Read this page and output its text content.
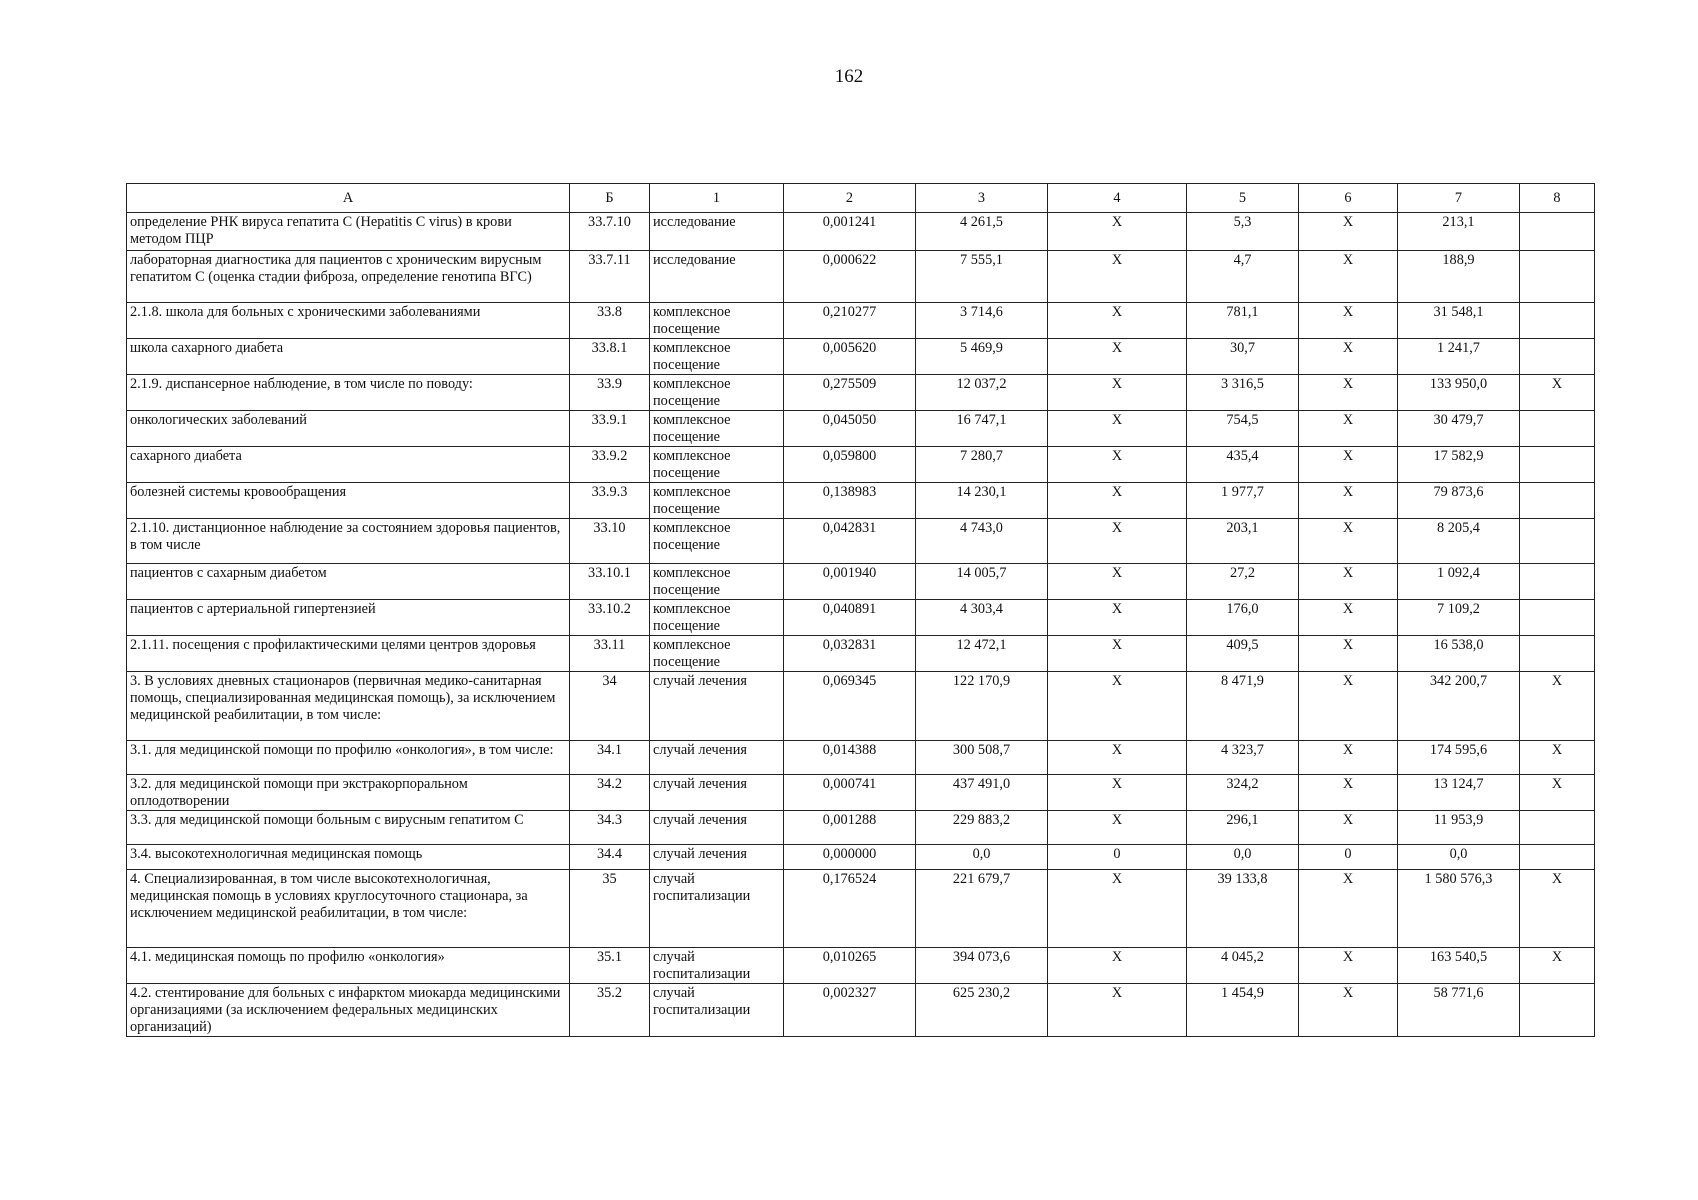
162
А	Б	1	2	3	4	5	6	7	8
определение РНК вируса гепатита С (Hepatitis C virus) в крови методом ПЦР	33.7.10	исследование	0,001241	4 261,5	Х	5,3	Х	213,1	
лабораторная диагностика для пациентов с хроническим вирусным гепатитом С (оценка стадии фиброза, определение генотипа ВГС)	33.7.11	исследование	0,000622	7 555,1	Х	4,7	Х	188,9	
2.1.8. школа для больных с хроническими заболеваниями	33.8	комплексное посещение	0,210277	3 714,6	Х	781,1	Х	31 548,1	
школа сахарного диабета	33.8.1	комплексное посещение	0,005620	5 469,9	Х	30,7	Х	1 241,7	
2.1.9. диспансерное наблюдение, в том числе по поводу:	33.9	комплексное посещение	0,275509	12 037,2	Х	3 316,5	Х	133 950,0	Х
онкологических заболеваний	33.9.1	комплексное посещение	0,045050	16 747,1	Х	754,5	Х	30 479,7	
сахарного диабета	33.9.2	комплексное посещение	0,059800	7 280,7	Х	435,4	Х	17 582,9	
болезней системы кровообращения	33.9.3	комплексное посещение	0,138983	14 230,1	Х	1 977,7	Х	79 873,6	
2.1.10. дистанционное наблюдение за состоянием здоровья пациентов, в том числе	33.10	комплексное посещение	0,042831	4 743,0	Х	203,1	Х	8 205,4	
пациентов с сахарным диабетом	33.10.1	комплексное посещение	0,001940	14 005,7	Х	27,2	Х	1 092,4	
пациентов с артериальной гипертензией	33.10.2	комплексное посещение	0,040891	4 303,4	Х	176,0	Х	7 109,2	
2.1.11. посещения с профилактическими целями центров здоровья	33.11	комплексное посещение	0,032831	12 472,1	Х	409,5	Х	16 538,0	
3. В условиях дневных стационаров (первичная медико-санитарная помощь, специализированная медицинская помощь), за исключением медицинской реабилитации, в том числе:	34	случай лечения	0,069345	122 170,9	Х	8 471,9	Х	342 200,7	Х
3.1. для медицинской помощи по профилю «онкология», в том числе:	34.1	случай лечения	0,014388	300 508,7	Х	4 323,7	Х	174 595,6	Х
3.2. для медицинской помощи при экстракорпоральном оплодотворении	34.2	случай лечения	0,000741	437 491,0	Х	324,2	Х	13 124,7	Х
3.3. для медицинской помощи больным с вирусным гепатитом С	34.3	случай лечения	0,001288	229 883,2	Х	296,1	Х	11 953,9	
3.4. высокотехнологичная медицинская помощь	34.4	случай лечения	0,000000	0,0	0	0,0	0	0,0	
4. Специализированная, в том числе высокотехнологичная, медицинская помощь в условиях круглосуточного стационара, за исключением медицинской реабилитации, в том числе:	35	случай госпитализации	0,176524	221 679,7	Х	39 133,8	Х	1 580 576,3	Х
4.1. медицинская помощь по профилю «онкология»	35.1	случай госпитализации	0,010265	394 073,6	Х	4 045,2	Х	163 540,5	Х
4.2. стентирование для больных с инфарктом миокарда медицинскими организациями (за исключением федеральных медицинских организаций)	35.2	случай госпитализации	0,002327	625 230,2	Х	1 454,9	Х	58 771,6	
